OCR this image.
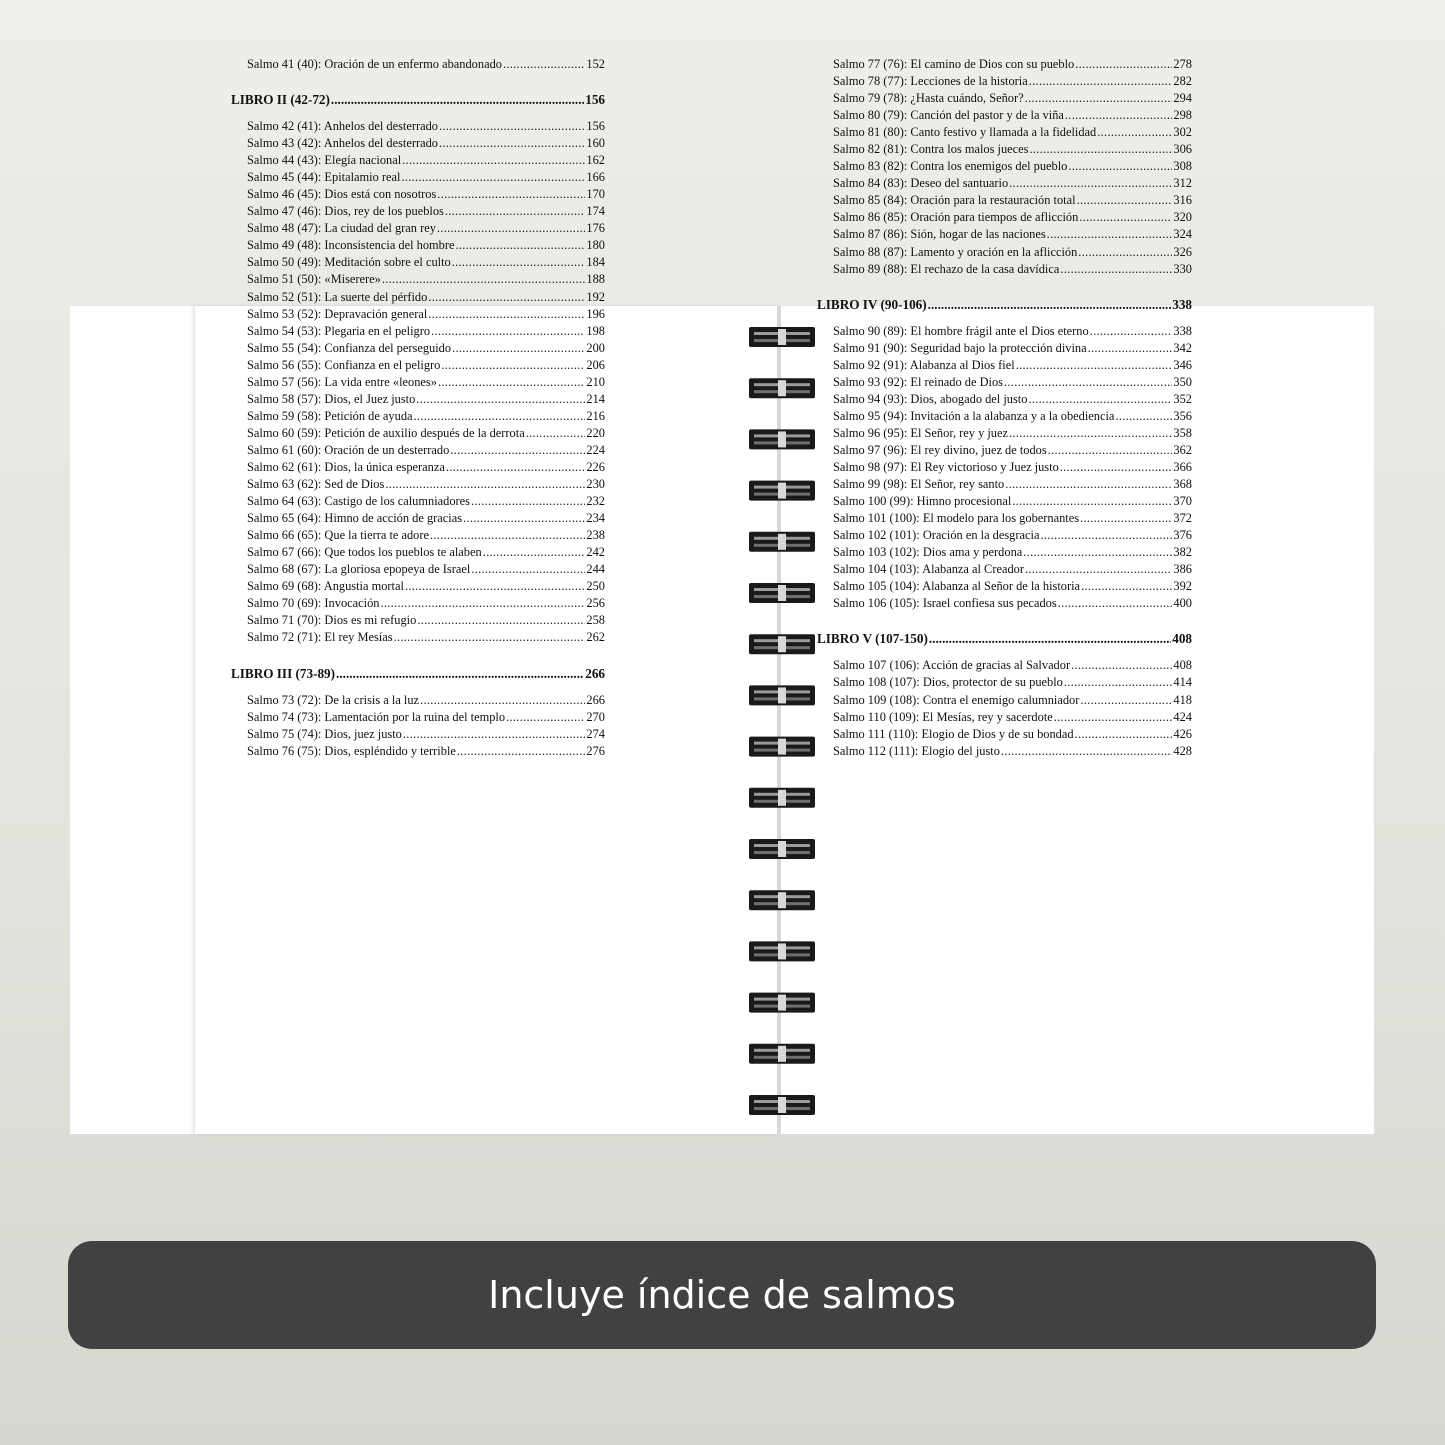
Salmo 41 (40): Oración de un enfermo abandonado .....	152
LIBRO II (42-72) .....	156
Salmo 42 (41): Anhelos del desterrado .....	156
Salmo 43 (42): Anhelos del desterrado .....	160
Salmo 44 (43): Elegía nacional .....	162
Salmo 45 (44): Epitalamio real .....	166
Salmo 46 (45): Dios está con nosotros .....	170
Salmo 47 (46): Dios, rey de los pueblos .....	174
Salmo 48 (47): La ciudad del gran rey .....	176
Salmo 49 (48): Inconsistencia del hombre .....	180
Salmo 50 (49): Meditación sobre el culto .....	184
Salmo 51 (50): «Miserere» .....	188
Salmo 52 (51): La suerte del pérfido .....	192
Salmo 53 (52): Depravación general .....	196
Salmo 54 (53): Plegaria en el peligro .....	198
Salmo 55 (54): Confianza del perseguido .....	200
Salmo 56 (55): Confianza en el peligro .....	206
Salmo 57 (56): La vida entre «leones» .....	210
Salmo 58 (57): Dios, el Juez justo .....	214
Salmo 59 (58): Petición de ayuda .....	216
Salmo 60 (59): Petición de auxilio después de la derrota .....	220
Salmo 61 (60): Oración de un desterrado .....	224
Salmo 62 (61): Dios, la única esperanza .....	226
Salmo 63 (62): Sed de Dios .....	230
Salmo 64 (63): Castigo de los calumniadores .....	232
Salmo 65 (64): Himno de acción de gracias .....	234
Salmo 66 (65): Que la tierra te adore .....	238
Salmo 67 (66): Que todos los pueblos te alaben .....	242
Salmo 68 (67): La gloriosa epopeya de Israel .....	244
Salmo 69 (68): Angustia mortal .....	250
Salmo 70 (69): Invocación .....	256
Salmo 71 (70): Dios es mi refugio .....	258
Salmo 72 (71): El rey Mesías .....	262
LIBRO III (73-89) .....	266
Salmo 73 (72): De la crisis a la luz .....	266
Salmo 74 (73): Lamentación por la ruina del templo .....	270
Salmo 75 (74): Dios, juez justo .....	274
Salmo 76 (75): Dios, espléndido y terrible .....	276
Salmo 77 (76): El camino de Dios con su pueblo .....	278
Salmo 78 (77): Lecciones de la historia .....	282
Salmo 79 (78): ¿Hasta cuándo, Señor? .....	294
Salmo 80 (79): Canción del pastor y de la viña .....	298
Salmo 81 (80): Canto festivo y llamada a la fidelidad .....	302
Salmo 82 (81): Contra los malos jueces .....	306
Salmo 83 (82): Contra los enemigos del pueblo .....	308
Salmo 84 (83): Deseo del santuario .....	312
Salmo 85 (84): Oración para la restauración total .....	316
Salmo 86 (85): Oración para tiempos de aflicción .....	320
Salmo 87 (86): Sión, hogar de las naciones .....	324
Salmo 88 (87): Lamento y oración en la aflicción .....	326
Salmo 89 (88): El rechazo de la casa davídica .....	330
LIBRO IV (90-106) .....	338
Salmo 90 (89): El hombre frágil ante el Dios eterno .....	338
Salmo 91 (90): Seguridad bajo la protección divina .....	342
Salmo 92 (91): Alabanza al Dios fiel .....	346
Salmo 93 (92): El reinado de Dios .....	350
Salmo 94 (93): Dios, abogado del justo .....	352
Salmo 95 (94): Invitación a la alabanza y a la obediencia .....	356
Salmo 96 (95): El Señor, rey y juez .....	358
Salmo 97 (96): El rey divino, juez de todos .....	362
Salmo 98 (97): El Rey victorioso y Juez justo .....	366
Salmo 99 (98): El Señor, rey santo .....	368
Salmo 100 (99): Himno procesional .....	370
Salmo 101 (100): El modelo para los gobernantes .....	372
Salmo 102 (101): Oración en la desgracia .....	376
Salmo 103 (102): Dios ama y perdona .....	382
Salmo 104 (103): Alabanza al Creador .....	386
Salmo 105 (104): Alabanza al Señor de la historia .....	392
Salmo 106 (105): Israel confiesa sus pecados .....	400
LIBRO V (107-150) .....	408
Salmo 107 (106): Acción de gracias al Salvador .....	408
Salmo 108 (107): Dios, protector de su pueblo .....	414
Salmo 109 (108): Contra el enemigo calumniador .....	418
Salmo 110 (109): El Mesías, rey y sacerdote .....	424
Salmo 111 (110): Elogio de Dios y de su bondad .....	426
Salmo 112 (111): Elogio del justo .....	428
Incluye índice de salmos
